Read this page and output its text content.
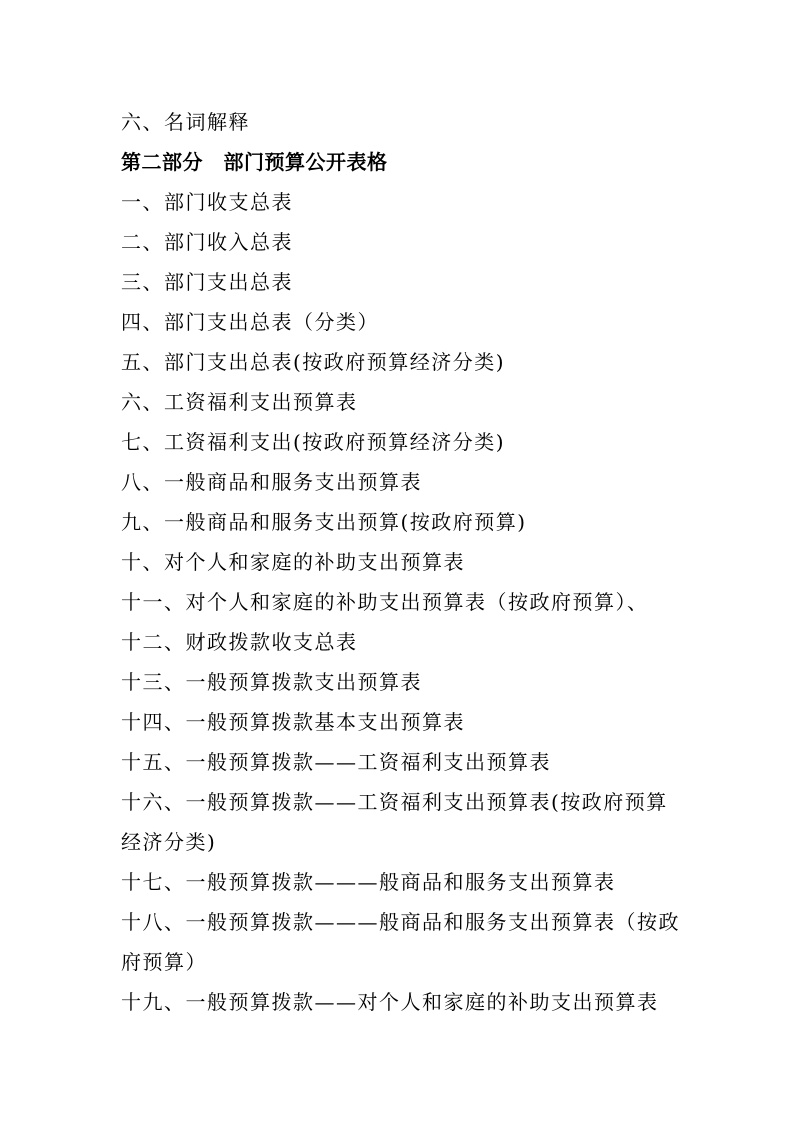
六、名词解释
第二部分　部门预算公开表格
一、部门收支总表
二、部门收入总表
三、部门支出总表
四、部门支出总表（分类）
五、部门支出总表(按政府预算经济分类)
六、工资福利支出预算表
七、工资福利支出(按政府预算经济分类)
八、一般商品和服务支出预算表
九、一般商品和服务支出预算(按政府预算)
十、对个人和家庭的补助支出预算表
十一、对个人和家庭的补助支出预算表（按政府预算）、
十二、财政拨款收支总表
十三、一般预算拨款支出预算表
十四、一般预算拨款基本支出预算表
十五、一般预算拨款——工资福利支出预算表
十六、一般预算拨款——工资福利支出预算表(按政府预算经济分类)
十七、一般预算拨款———般商品和服务支出预算表
十八、一般预算拨款———般商品和服务支出预算表（按政府预算）
十九、一般预算拨款——对个人和家庭的补助支出预算表
